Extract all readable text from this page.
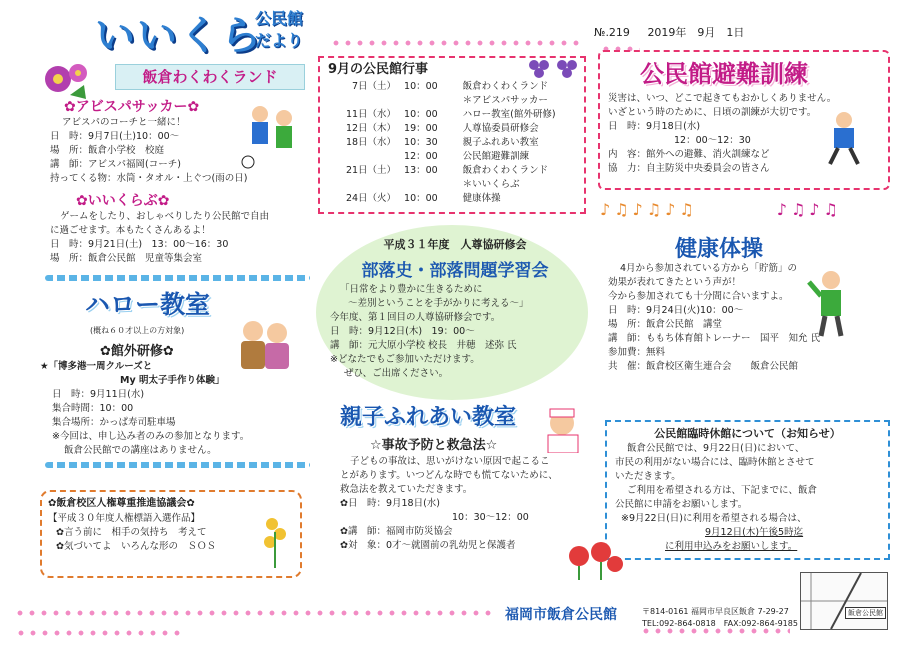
いいくら
公民館
だより	№.219 2019年　9月　1日
飯倉わくわくランド
✿アビスパサッカー✿
アビスパのコーチと一緒に！
日　時：9月7日(土)10：00～
場　所：飯倉小学校　校庭
講　師：アビスパ福岡(コーチ)
持ってくる物：水筒・タオル・上ぐつ(雨の日)
✿いいくらぶ✿
ゲームをしたり、おしゃべりしたり公民館で自由
に過ごせます。本もたくさんあるよ！
日　時：9月21日(土)　13：00～16：30
場　所：飯倉公民館　児童等集会室
ハロー教室
(概ね６０才以上の方対象)
✿館外研修✿
★「博多港一周クルーズと
My 明太子手作り体験」
日　時：9月11日(水)
集合時間：10：00
集合場所：かっぱ寿司駐車場
※今回は、申し込み者のみの参加となります。
飯倉公民館での講座はありません。
✿飯倉校区人権尊重推進協議会✿
【平成３０年度人権標語入選作品】
✿言う前に　相手の気持ち　考えて
✿気づいてよ　いろんな形の　ＳＯＳ
9月の公民館行事
7日（土） 10：00	飯倉わくわくランド
＊アビスパサッカー
11日（水） 10：00	ハロー教室(館外研修)
12日（木） 19：00	人尊協委員研修会
18日（水） 10：30	親子ふれあい教室
12：00	公民館避難訓練
21日（土） 13：00	飯倉わくわくランド
＊いいくらぶ
24日（火） 10：00	健康体操
平成３１年度　人尊協研修会
部落史・部落問題学習会
「日常をより豊かに生きるために
～差別ということを手がかりに考える～」
今年度、第１回目の人尊協研修会です。
日　時：9月12日(木)　19：00～
講　師：元大原小学校 校長　井穂　述弥 氏
※どなたでもご参加いただけます。
ぜひ、ご出席ください。
親子ふれあい教室
☆事故予防と救急法☆
子どもの事故は、思いがけない原因で起こるこ
とがあります。いつどんな時でも慌てないために、
救急法を教えていただきます。
✿日　時：9月18日(水)
10：30～12：00
✿講　師：福岡市防災協会
✿対　象：0才～就園前の乳幼児と保護者
公民館避難訓練
災害は、いつ、どこで起きてもおかしくありません。
いざという時のために、日頃の訓練が大切です。
日　時：9月18日(水)
12：00～12：30
内　容：館外への避難、消火訓練など
協　力：自主防災中央委員会の皆さん
♪♫♪♫♪♫	♪♫♪♫
健康体操
4月から参加されている方から「貯筋」の
効果が表れてきたという声が！
今から参加されても十分間に合いますよ。
日　時：9月24日(火)10：00～
場　所：飯倉公民館　講堂
講　師：ももち体育館トレーナー　国平　知允 氏
参加費：無料
共　催：飯倉校区衛生連合会　　飯倉公民館
公民館臨時休館について（お知らせ）
飯倉公民館では、9月22日(日)において、
市民の利用がない場合には、臨時休館とさせて
いただきます。
ご利用を希望される方は、下記までに、飯倉
公民館に申請をお願いします。
※9月22日(日)に利用を希望される場合は、
9月12日(木)午後5時迄
に利用申込みをお願いします。
福岡市飯倉公民館	〒814-0161 福岡市早良区飯倉 7-29-27
TEL:092-864-0818　FAX:092-864-9185
飯倉公民館
